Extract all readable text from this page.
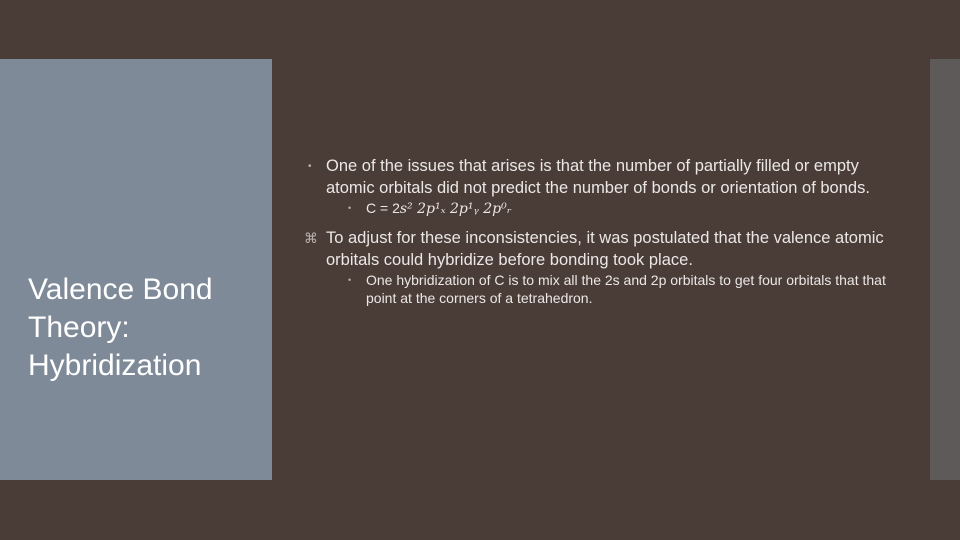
Valence Bond Theory: Hybridization
• One of the issues that arises is that the number of partially filled or empty atomic orbitals did not predict the number of bonds or orientation of bonds.
• C = 2s² 2p¹ₓ 2p¹ᵧ 2p⁰ᵣ
⌘ To adjust for these inconsistencies, it was postulated that the valence atomic orbitals could hybridize before bonding took place.
• One hybridization of C is to mix all the 2s and 2p orbitals to get four orbitals that that point at the corners of a tetrahedron.
